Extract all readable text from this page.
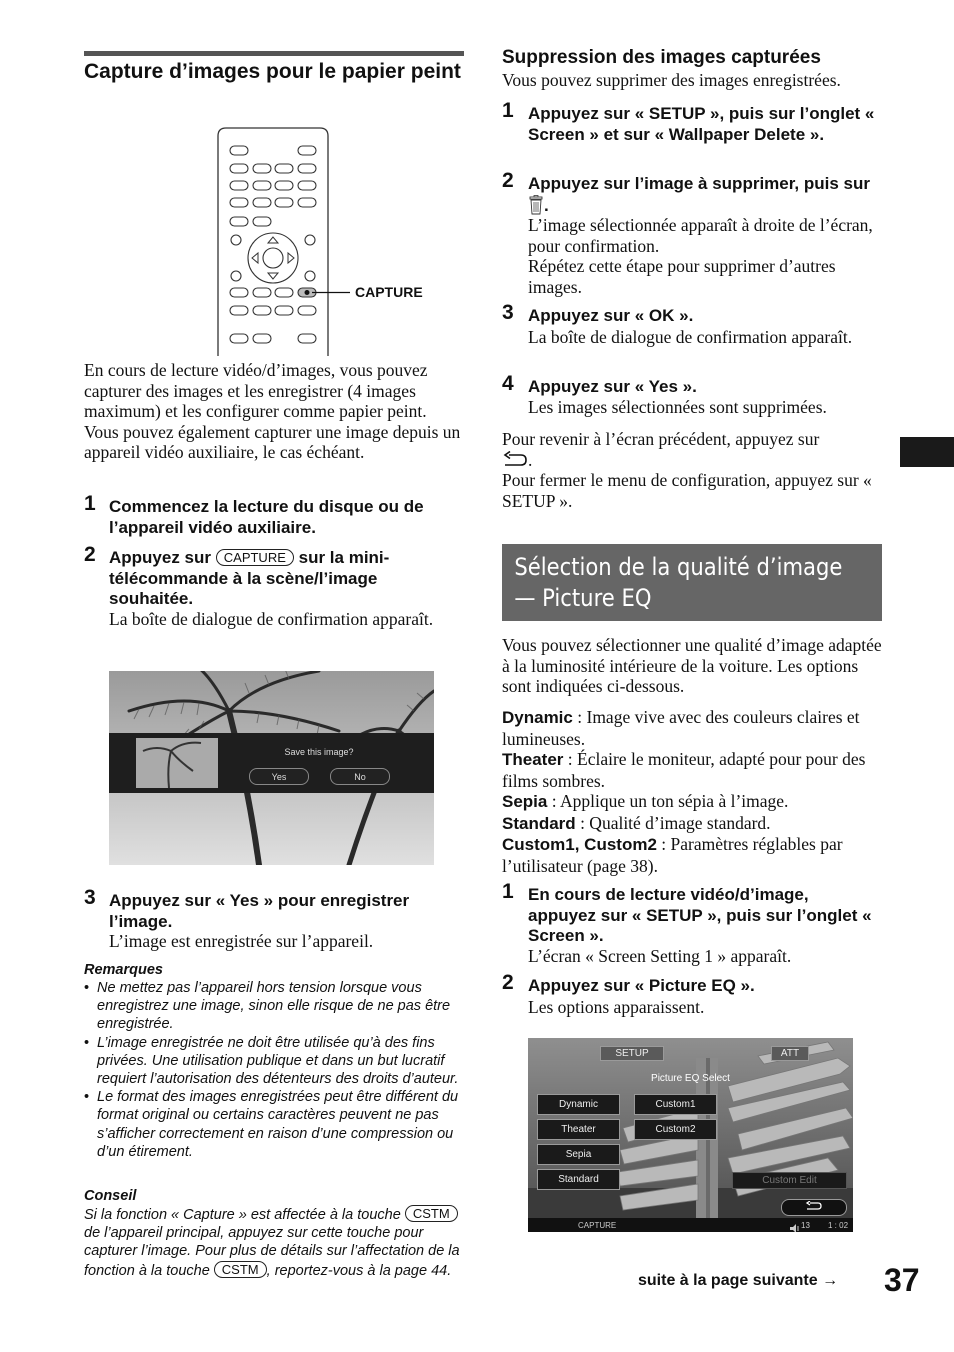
Capture d’images pour le papier peint
CAPTURE
En cours de lecture vidéo/d’images, vous pouvez capturer des images et les enregistrer (4 images maximum) et les configurer comme papier peint. Vous pouvez également capturer une image depuis un appareil vidéo auxiliaire, le cas échéant.
1 Commencez la lecture du disque ou de l’appareil vidéo auxiliaire.
2 Appuyez sur CAPTURE sur la mini-télécommande à la scène/l’image souhaitée.
La boîte de dialogue de confirmation apparaît.
Save this image?
Yes	No
3 Appuyez sur « Yes » pour enregistrer l’image.
L’image est enregistrée sur l’appareil.
Remarques
• Ne mettez pas l’appareil hors tension lorsque vous enregistrez une image, sinon elle risque de ne pas être enregistrée.
• L’image enregistrée ne doit être utilisée qu’à des fins privées. Une utilisation publique et dans un but lucratif requiert l’autorisation des détenteurs des droits d’auteur.
• Le format des images enregistrées peut être différent du format original ou certains caractères peuvent ne pas s’afficher correctement en raison d’une compression ou d’un étirement.
Conseil
Si la fonction « Capture » est affectée à la touche CSTM de l’appareil principal, appuyez sur cette touche pour capturer l’image. Pour plus de détails sur l’affectation de la fonction à la touche CSTM , reportez-vous à la page 44.
Suppression des images capturées
Vous pouvez supprimer des images enregistrées.
1 Appuyez sur « SETUP », puis sur l’onglet « Screen » et sur « Wallpaper Delete ».
2 Appuyez sur l’image à supprimer, puis sur .
L’image sélectionnée apparaît à droite de l’écran, pour confirmation.
Répétez cette étape pour supprimer d’autres images.
3 Appuyez sur « OK ».
La boîte de dialogue de confirmation apparaît.
4 Appuyez sur « Yes ».
Les images sélectionnées sont supprimées.
Pour revenir à l’écran précédent, appuyez sur
.
Pour fermer le menu de configuration, appuyez sur « SETUP ».
Sélection de la qualité d’image
— Picture EQ
Vous pouvez sélectionner une qualité d’image adaptée à la luminosité intérieure de la voiture. Les options sont indiquées ci-dessous.
Dynamic : Image vive avec des couleurs claires et lumineuses.
Theater : Éclaire le moniteur, adapté pour pour des films sombres.
Sepia : Applique un ton sépia à l’image.
Standard : Qualité d’image standard.
Custom1, Custom2 : Paramètres réglables par l’utilisateur (page 38).
1 En cours de lecture vidéo/d’image, appuyez sur « SETUP », puis sur l’onglet « Screen ».
L’écran « Screen Setting 1 » apparaît.
2 Appuyez sur « Picture EQ ».
Les options apparaissent.
SETUP	ATT
Picture EQ Select
Dynamic
Theater
Sepia
Standard
Custom1
Custom2
Custom Edit
CAPTURE	13 1 : 02
suite à la page suivante → 37
